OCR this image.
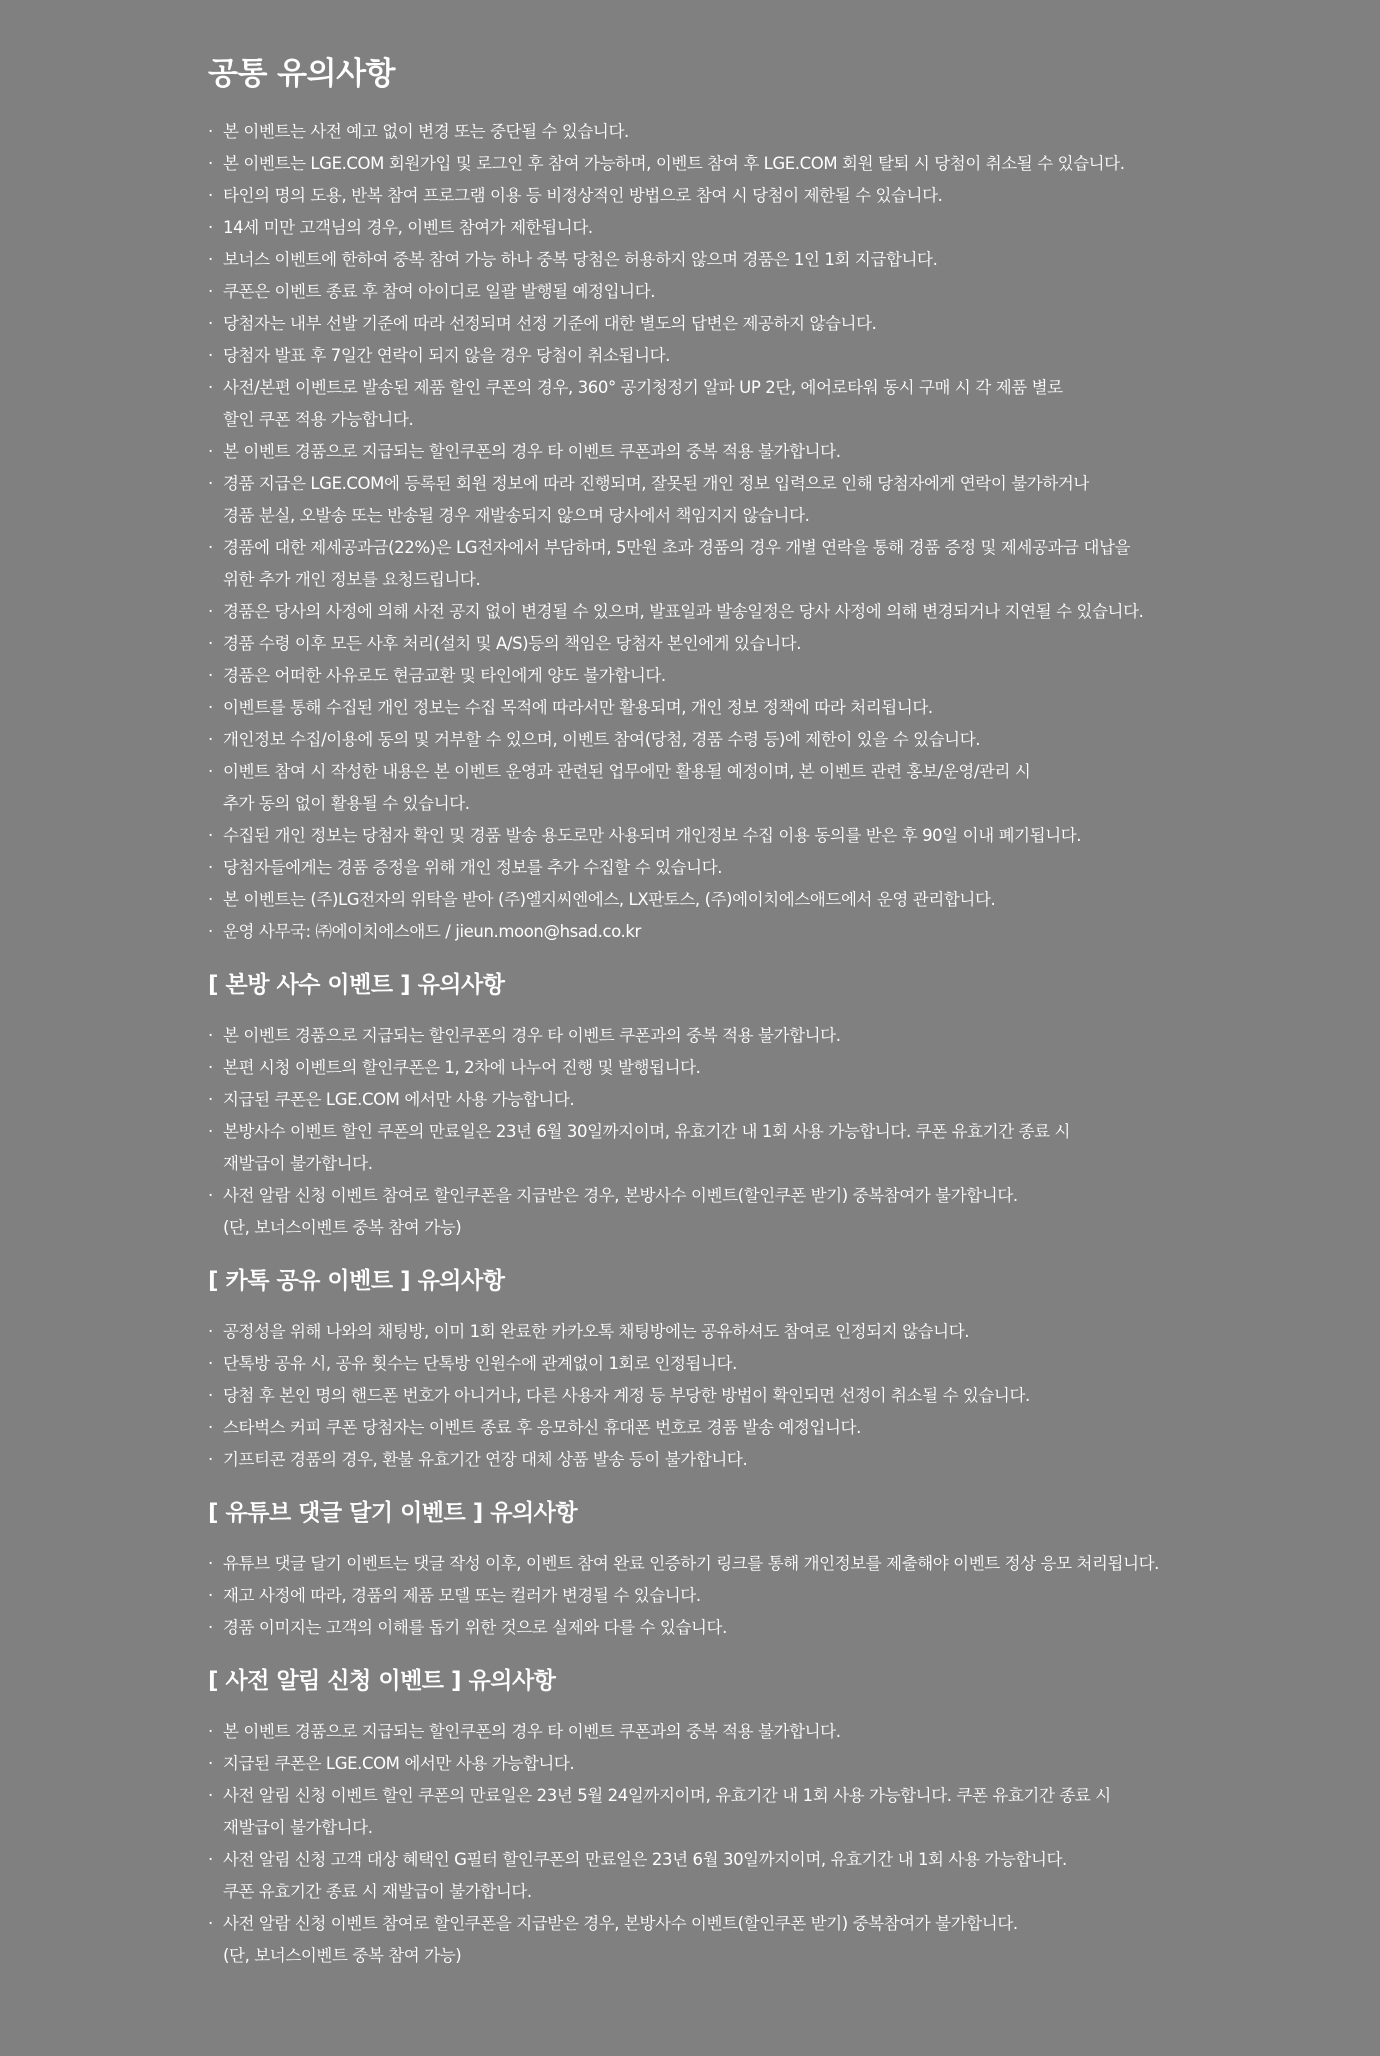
공통 유의사항
· 본 이벤트는 사전 예고 없이 변경 또는 중단될 수 있습니다.
· 본 이벤트는 LGE.COM 회원가입 및 로그인 후 참여 가능하며, 이벤트 참여 후 LGE.COM 회원 탈퇴 시 당첨이 취소될 수 있습니다.
· 타인의 명의 도용, 반복 참여 프로그램 이용 등 비정상적인 방법으로 참여 시 당첨이 제한될 수 있습니다.
· 14세 미만 고객님의 경우, 이벤트 참여가 제한됩니다.
· 보너스 이벤트에 한하여 중복 참여 가능 하나 중복 당첨은 허용하지 않으며 경품은 1인 1회 지급합니다.
· 쿠폰은 이벤트 종료 후 참여 아이디로 일괄 발행될 예정입니다.
· 당첨자는 내부 선발 기준에 따라 선정되며 선정 기준에 대한 별도의 답변은 제공하지 않습니다.
· 당첨자 발표 후 7일간 연락이 되지 않을 경우 당첨이 취소됩니다.
· 사전/본편 이벤트로 발송된 제품 할인 쿠폰의 경우, 360° 공기청정기 알파 UP 2단, 에어로타워 동시 구매 시 각 제품 별로
할인 쿠폰 적용 가능합니다.
· 본 이벤트 경품으로 지급되는 할인쿠폰의 경우 타 이벤트 쿠폰과의 중복 적용 불가합니다.
· 경품 지급은 LGE.COM에 등록된 회원 정보에 따라 진행되며, 잘못된 개인 정보 입력으로 인해 당첨자에게 연락이 불가하거나
경품 분실, 오발송 또는 반송될 경우 재발송되지 않으며 당사에서 책임지지 않습니다.
· 경품에 대한 제세공과금(22%)은 LG전자에서 부담하며, 5만원 초과 경품의 경우 개별 연락을 통해 경품 증정 및 제세공과금 대납을
위한 추가 개인 정보를 요청드립니다.
· 경품은 당사의 사정에 의해 사전 공지 없이 변경될 수 있으며, 발표일과 발송일정은 당사 사정에 의해 변경되거나 지연될 수 있습니다.
· 경품 수령 이후 모든 사후 처리(설치 및 A/S)등의 책임은 당첨자 본인에게 있습니다.
· 경품은 어떠한 사유로도 현금교환 및 타인에게 양도 불가합니다.
· 이벤트를 통해 수집된 개인 정보는 수집 목적에 따라서만 활용되며, 개인 정보 정책에 따라 처리됩니다.
· 개인정보 수집/이용에 동의 및 거부할 수 있으며, 이벤트 참여(당첨, 경품 수령 등)에 제한이 있을 수 있습니다.
· 이벤트 참여 시 작성한 내용은 본 이벤트 운영과 관련된 업무에만 활용될 예정이며, 본 이벤트 관련 홍보/운영/관리 시
추가 동의 없이 활용될 수 있습니다.
· 수집된 개인 정보는 당첨자 확인 및 경품 발송 용도로만 사용되며 개인정보 수집 이용 동의를 받은 후 90일 이내 폐기됩니다.
· 당첨자들에게는 경품 증정을 위해 개인 정보를 추가 수집할 수 있습니다.
· 본 이벤트는 (주)LG전자의 위탁을 받아 (주)엘지씨엔에스, LX판토스, (주)에이치에스애드에서 운영 관리합니다.
· 운영 사무국: ㈜에이치에스애드 / jieun.moon@hsad.co.kr
[ 본방 사수 이벤트 ] 유의사항
· 본 이벤트 경품으로 지급되는 할인쿠폰의 경우 타 이벤트 쿠폰과의 중복 적용 불가합니다.
· 본편 시청 이벤트의 할인쿠폰은 1, 2차에 나누어 진행 및 발행됩니다.
· 지급된 쿠폰은 LGE.COM 에서만 사용 가능합니다.
· 본방사수 이벤트 할인 쿠폰의 만료일은 23년 6월 30일까지이며, 유효기간 내 1회 사용 가능합니다. 쿠폰 유효기간 종료 시
재발급이 불가합니다.
· 사전 알람 신청 이벤트 참여로 할인쿠폰을 지급받은 경우, 본방사수 이벤트(할인쿠폰 받기) 중복참여가 불가합니다.
(단, 보너스이벤트 중복 참여 가능)
[ 카톡 공유 이벤트 ] 유의사항
· 공정성을 위해 나와의 채팅방, 이미 1회 완료한 카카오톡 채팅방에는 공유하셔도 참여로 인정되지 않습니다.
· 단톡방 공유 시, 공유 횟수는 단톡방 인원수에 관계없이 1회로 인정됩니다.
· 당첨 후 본인 명의 핸드폰 번호가 아니거나, 다른 사용자 계정 등 부당한 방법이 확인되면 선정이 취소될 수 있습니다.
· 스타벅스 커피 쿠폰 당첨자는 이벤트 종료 후 응모하신 휴대폰 번호로 경품 발송 예정입니다.
· 기프티콘 경품의 경우, 환불 유효기간 연장 대체 상품 발송 등이 불가합니다.
[ 유튜브 댓글 달기 이벤트 ] 유의사항
· 유튜브 댓글 달기 이벤트는 댓글 작성 이후, 이벤트 참여 완료 인증하기 링크를 통해 개인정보를 제출해야 이벤트 정상 응모 처리됩니다.
· 재고 사정에 따라, 경품의 제품 모델 또는 컬러가 변경될 수 있습니다.
· 경품 이미지는 고객의 이해를 돕기 위한 것으로 실제와 다를 수 있습니다.
[ 사전 알림 신청 이벤트 ] 유의사항
· 본 이벤트 경품으로 지급되는 할인쿠폰의 경우 타 이벤트 쿠폰과의 중복 적용 불가합니다.
· 지급된 쿠폰은 LGE.COM 에서만 사용 가능합니다.
· 사전 알림 신청 이벤트 할인 쿠폰의 만료일은 23년 5월 24일까지이며, 유효기간 내 1회 사용 가능합니다. 쿠폰 유효기간 종료 시
재발급이 불가합니다.
· 사전 알림 신청 고객 대상 혜택인 G필터 할인쿠폰의 만료일은 23년 6월 30일까지이며, 유효기간 내 1회 사용 가능합니다.
쿠폰 유효기간 종료 시 재발급이 불가합니다.
· 사전 알람 신청 이벤트 참여로 할인쿠폰을 지급받은 경우, 본방사수 이벤트(할인쿠폰 받기) 중복참여가 불가합니다.
(단, 보너스이벤트 중복 참여 가능)
